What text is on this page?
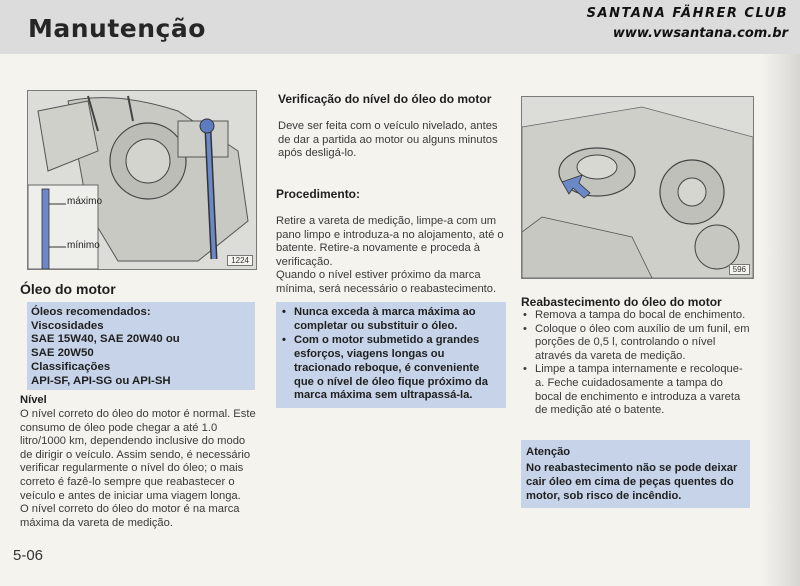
Manutenção
SANTANA FÄHRER CLUB
www.vwsantana.com.br
máximo
mínimo
1224
Óleo do motor
Óleos recomendados:
Viscosidades
SAE 15W40, SAE 20W40 ou
SAE 20W50
Classificações
API-SF, API-SG ou API-SH
Nível

O nível correto do óleo do motor é normal. Este consumo de óleo pode chegar a até 1.0 litro/1000 km, dependendo inclusive do modo de dirigir o veículo. Assim sendo, é necessário verificar regularmente o nível do óleo; o mais correto é fazê-lo sempre que reabastecer o veículo e antes de iniciar uma viagem longa.

O nível correto do óleo do motor é na marca máxima da vareta de medição.

Verificação do nível do óleo do motor
Deve ser feita com o veículo nivelado, antes de dar a partida ao motor ou alguns minutos após desligá-lo.
Procedimento:

Retire a vareta de medição, limpe-a com um pano limpo e introduza-a no alojamento, até o batente. Retire-a novamente e proceda à verificação.

Quando o nível estiver próximo da marca mínima, será necessário o reabastecimento.

• Nunca exceda à marca máxima ao completar ou substituir o óleo.
• Com o motor submetido a grandes esforços, viagens longas ou tracionado reboque, é conveniente que o nível de óleo fique próximo da marca máxima sem ultrapassá-la.
596
Reabastecimento do óleo do motor
• Remova a tampa do bocal de enchimento.
• Coloque o óleo com auxílio de um funil, em porções de 0,5 l, controlando o nível através da vareta de medição.
• Limpe a tampa internamente e recoloque-a. Feche cuidadosamente a tampa do bocal de enchimento e introduza a vareta de medição até o batente.
Atenção
No reabastecimento não se pode deixar cair óleo em cima de peças quentes do motor, sob risco de incêndio.
5-06
